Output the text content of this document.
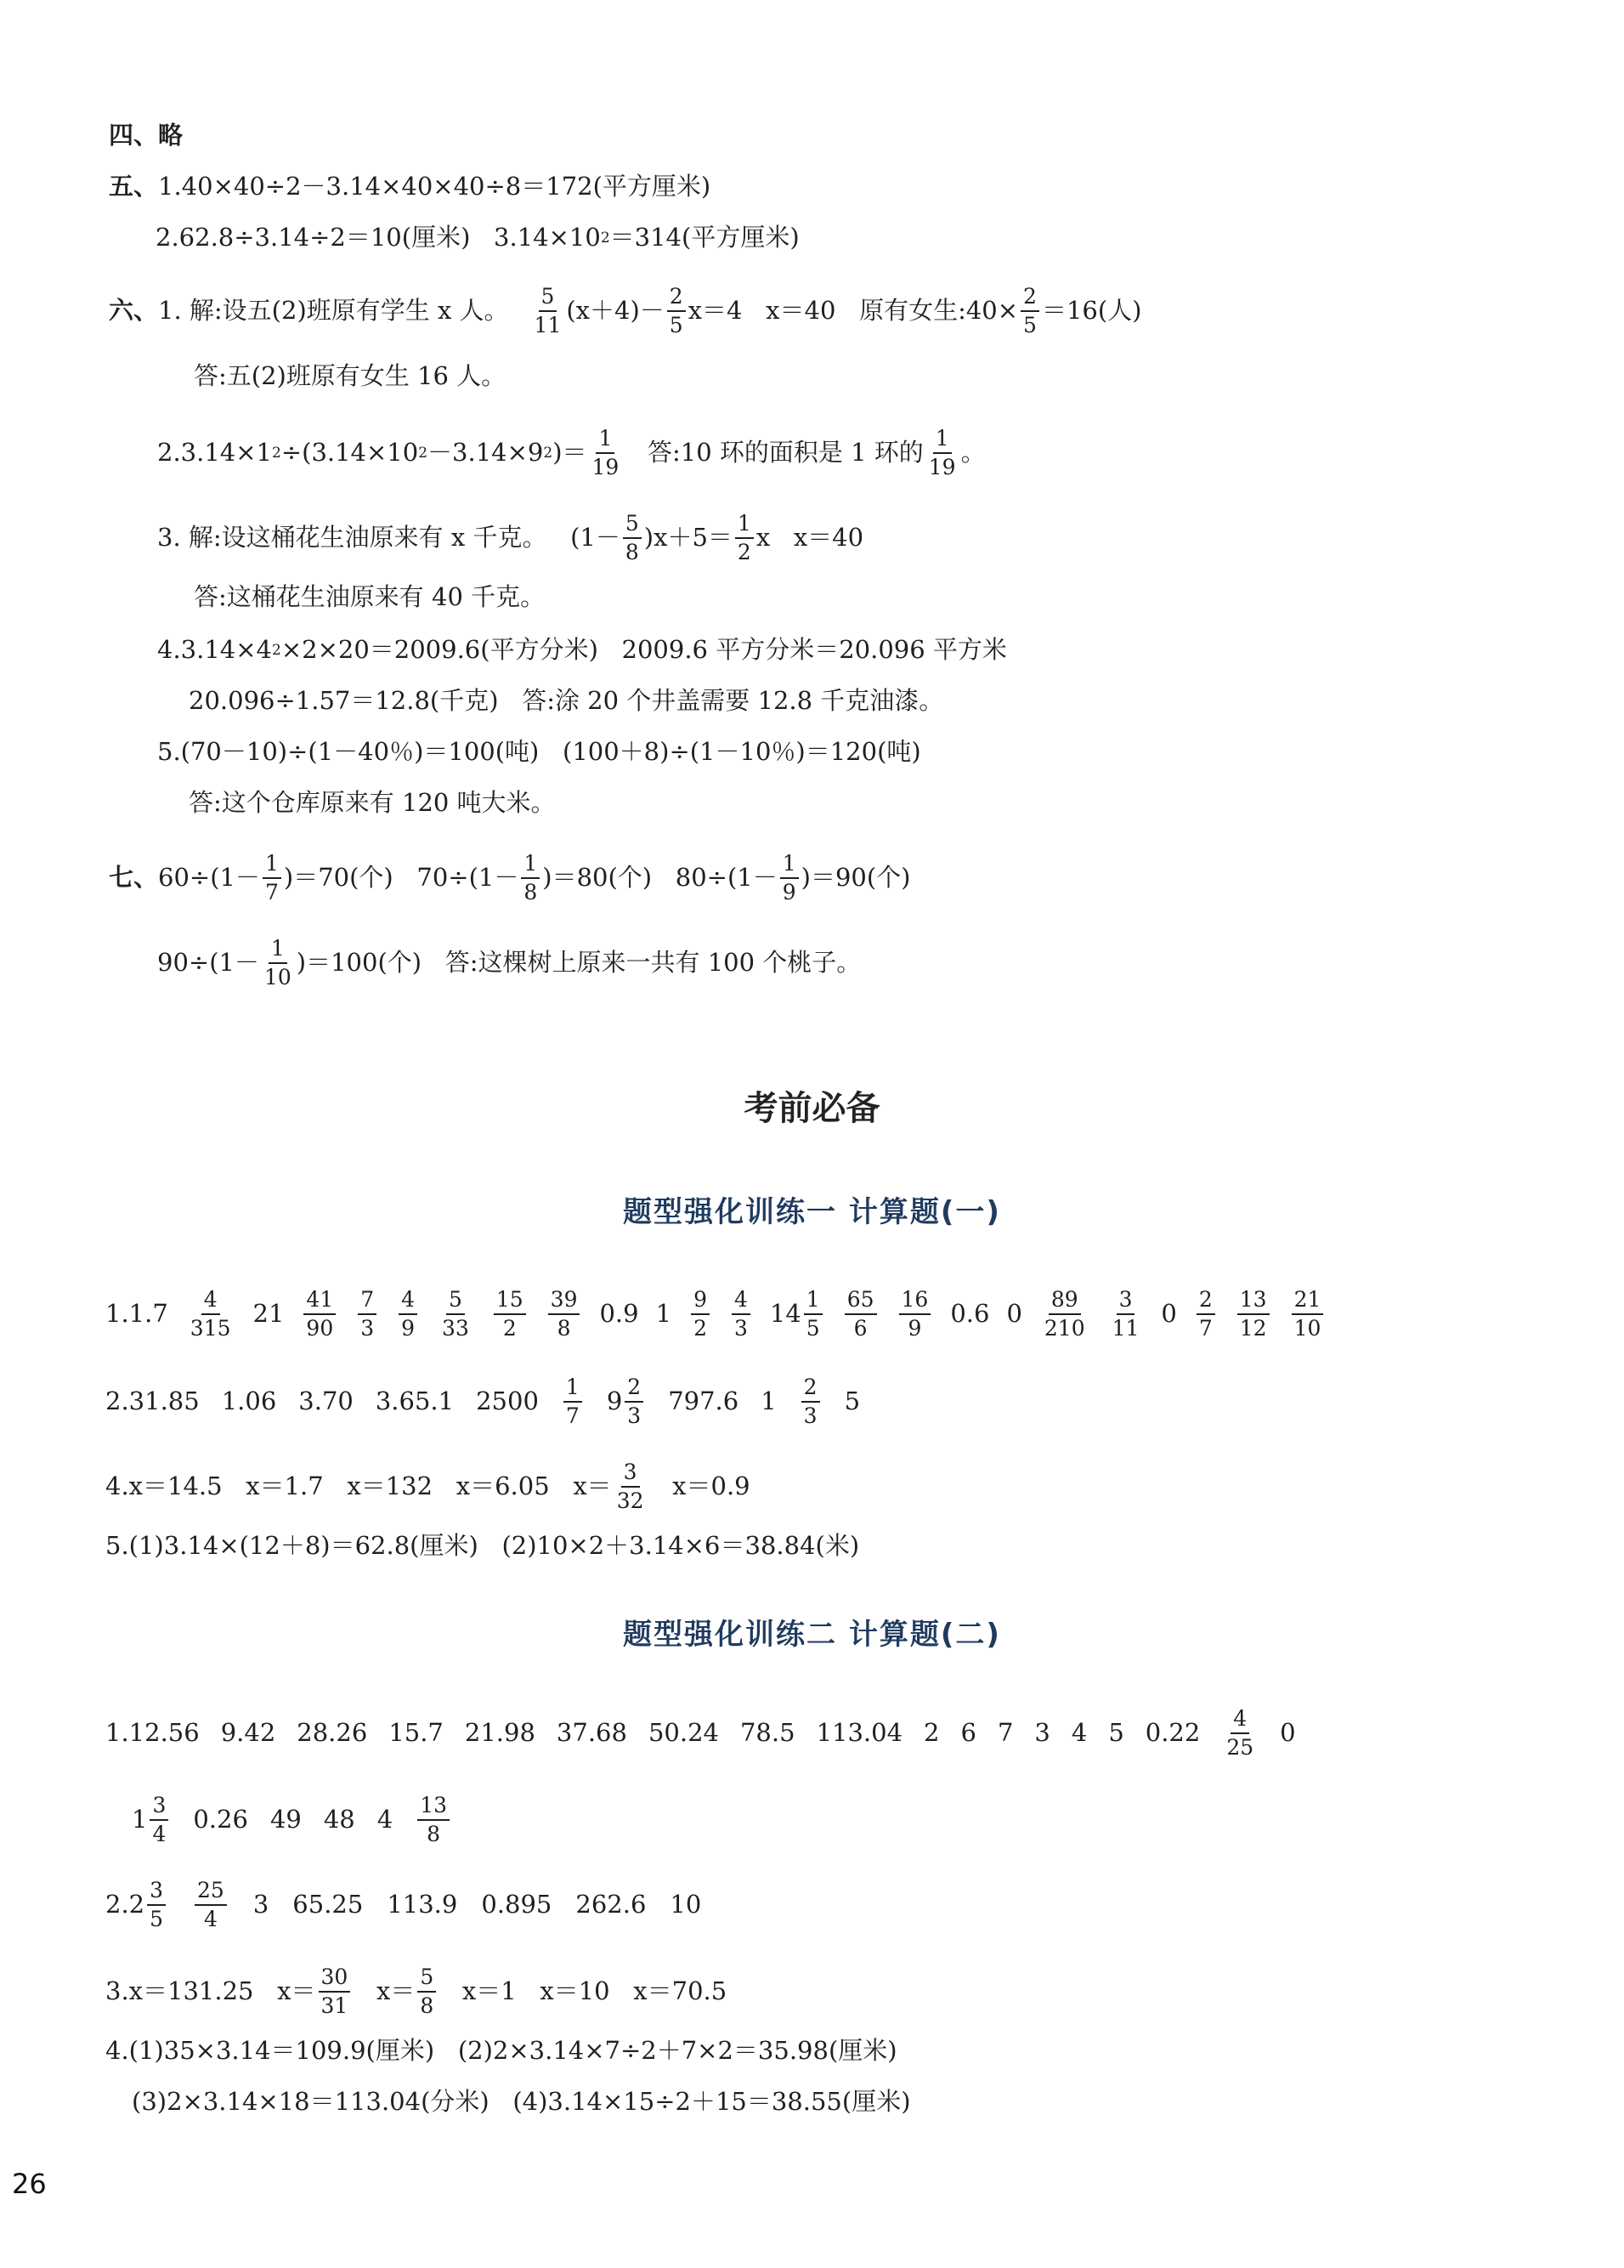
四、 略
五、 1.40×40÷2－3.14×40×40÷8＝172(平方厘米)
2.62.8÷3.14÷2＝10(厘米)   3.14×10 2 ＝314(平方厘米)
六、 1. 解:设五(2)班原有学生 x 人。 $\frac{5}{11} (x+4)- \frac{2}{5} x=4$   x＝40   原有女生:40× $\frac{2}{5} =16$(人)
答:五(2)班原有女生 16 人。
2.3.14×1 2 ÷(3.14×10 2 －3.14×9 2 )＝ $\frac{1}{19}$ 答:10 环的面积是 1 环的 $\frac{1}{19}$ 。
3. 解:设这桶花生油原来有 x 千克。   $(1- \frac{5}{8} )x+5= \frac{1}{2}$ x   x＝40
答:这桶花生油原来有 40 千克。
4.3.14×4 2 ×2×20＝2009.6(平方分米)   2009.6 平方分米＝20.096 平方米
20.096÷1.57＝12.8(千克)   答:涂 20 个井盖需要 12.8 千克油漆。
5.(70－10)÷(1－40％)＝100(吨)   (100＋8)÷(1－10％)＝120(吨)
答:这个仓库原来有 120 吨大米。
七、 $60\div(1- \frac{1}{7} )=70$(个)   $70\div(1- \frac{1}{8} )=80$(个)   $80\div(1- \frac{1}{9} )=90$(个)
$90\div(1- \frac{1}{10} )=100$(个)   答:这棵树上原来一共有 100 个桃子。
考前必备
题型强化训练一 计算题(一)
$1.1.7 \frac{4}{315} 21 \frac{41}{90} \frac{7}{3} \frac{4}{9} \frac{5}{33} \frac{15}{2} \frac{39}{8} 0.9$ $1 \frac{9}{2} \frac{4}{3} 14 \frac{1}{5} \frac{65}{6} \frac{16}{9} 0.6$ $0 \frac{89}{210} \frac{3}{11} 0 \frac{2}{7} \frac{13}{12} \frac{21}{10}$
2.31.85 1.06 3.70 3.65.1 $2500 \frac{1}{7} 9 \frac{2}{3} 797.6$ $1 \frac{2}{3} 5$
4.x＝14.5   x＝1.7   x＝132   x＝6.05   $x= \frac{3}{32} x=0.9$
5.(1)3.14×(12＋8)＝62.8(厘米)   (2)10×2＋3.14×6＝38.84(米)
题型强化训练二 计算题(二)
1.12.56 9.42 28.26 15.7 21.98 37.68 50.24 78.5 113.04 2 6 7 3 4 5 $0.22 \frac{4}{25} 0$
$1 \frac{3}{4} 0.26$ 49 48 $4 \frac{13}{8}$
$2.2 \frac{3}{5} \frac{25}{4} 3$ 65.25 113.9 0.895 262.6 10
3.x＝131.25   $x= \frac{30}{31} x= \frac{5}{8} x=1$   x＝10   x＝70.5
4.(1)35×3.14＝109.9(厘米)   (2)2×3.14×7÷2＋7×2＝35.98(厘米)
(3)2×3.14×18＝113.04(分米)   (4)3.14×15÷2＋15＝38.55(厘米)
26
